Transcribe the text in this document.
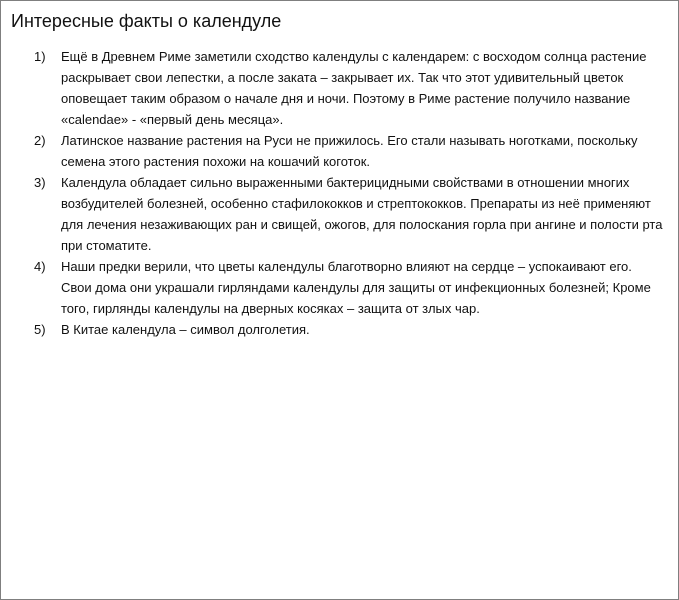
Интересные факты о календуле
1)	Ещё в Древнем Риме заметили сходство календулы с календарем: с восходом солнца растение раскрывает свои лепестки, а после заката – закрывает их. Так что этот удивительный цветок оповещает таким образом о начале дня и ночи. Поэтому в Риме растение получило название «calendae» - «первый день месяца».
2)	Латинское название растения на Руси не прижилось. Его стали называть ноготками, поскольку семена этого растения похожи на кошачий коготок.
3)	Календула обладает сильно выраженными бактерицидными свойствами в отношении многих возбудителей болезней, особенно стафилококков и стрептококков. Препараты из неё применяют для лечения незаживающих ран и свищей, ожогов, для полоскания горла при ангине и полости рта при стоматите.
4)	Наши предки верили, что цветы календулы благотворно влияют на сердце – успокаивают его. Свои дома они украшали гирляндами календулы для защиты от инфекционных болезней; Кроме того, гирлянды календулы на дверных косяках – защита от злых чар.
5)	В Китае календула – символ долголетия.
